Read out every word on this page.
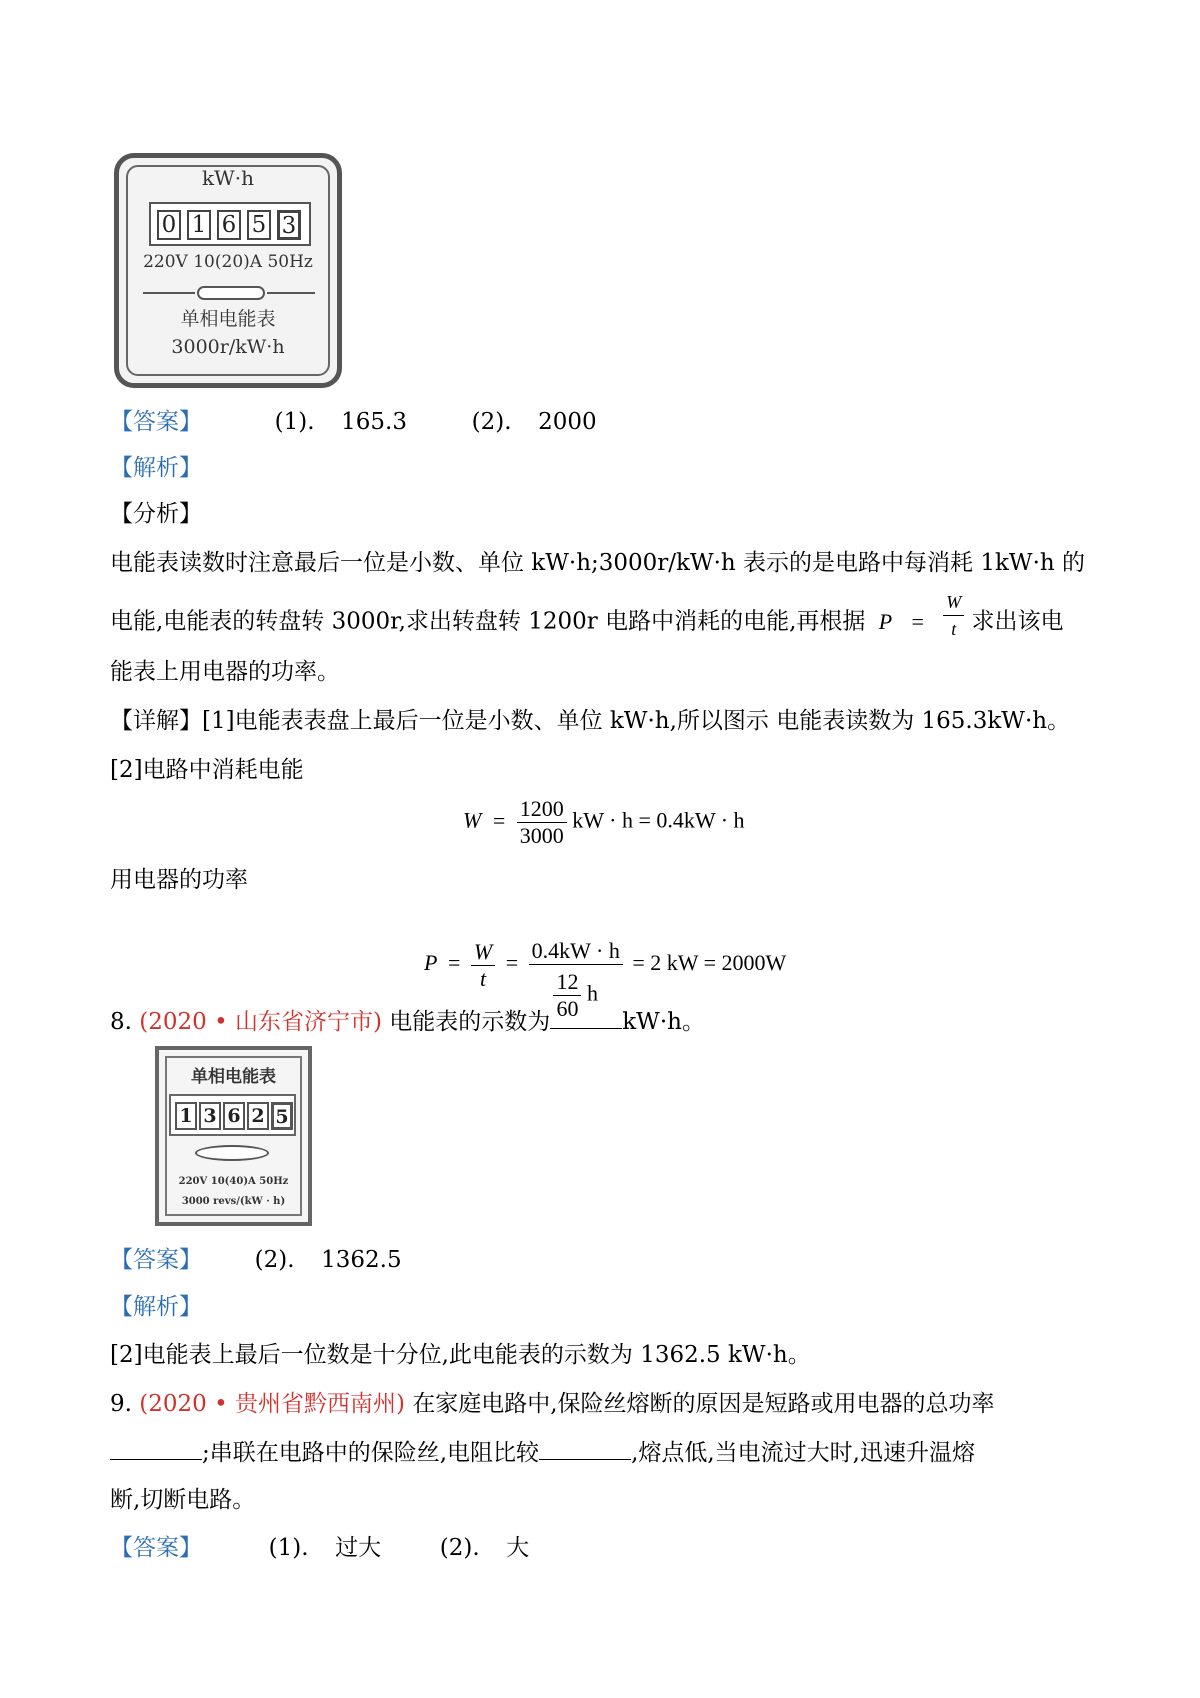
kW·h
0 1 6 5 3
220V 10(20)A 50Hz
单相电能表
3000r/kW·h
【答案】	(1). 165.3	(2). 2000
【解析】
【分析】
电能表读数时注意最后一位是小数、单位 kW·h;3000r/kW·h 表示的是电路中每消耗 1kW·h 的
电能,电能表的转盘转 3000r,求出转盘转 1200r 电路中消耗的电能,再根据 $P = \frac{W}{t}$ 求出该电
能表上用电器的功率。
【详解】[1]电能表表盘上最后一位是小数、单位 kW·h,所以图示 电能表读数为 165.3kW·h。
[2]电路中消耗电能
$W = \frac{1200}{3000}$ kW · h = 0.4kW · h
用电器的功率
$P = \frac{W}{t} = \frac{0.4kW \cdot h}{\frac{12}{60} h} = 2$ kW = 2000W
8. (2020 • 山东省济宁市) 电能表的示数为	kW·h。
单相电能表
1 3 6 2 5
220V 10(40)A 50Hz
3000 revs/(kW · h)
【答案】 (2). 1362.5
【解析】
[2]电能表上最后一位数是十分位,此电能表的示数为 1362.5 kW·h。
9. (2020 • 贵州省黔西南州) 在家庭电路中,保险丝熔断的原因是短路或用电器的总功率
;串联在电路中的保险丝,电阻比较	,熔点低,当电流过大时,迅速升温熔
断,切断电路。
【答案】	(1). 过大	(2). 大
